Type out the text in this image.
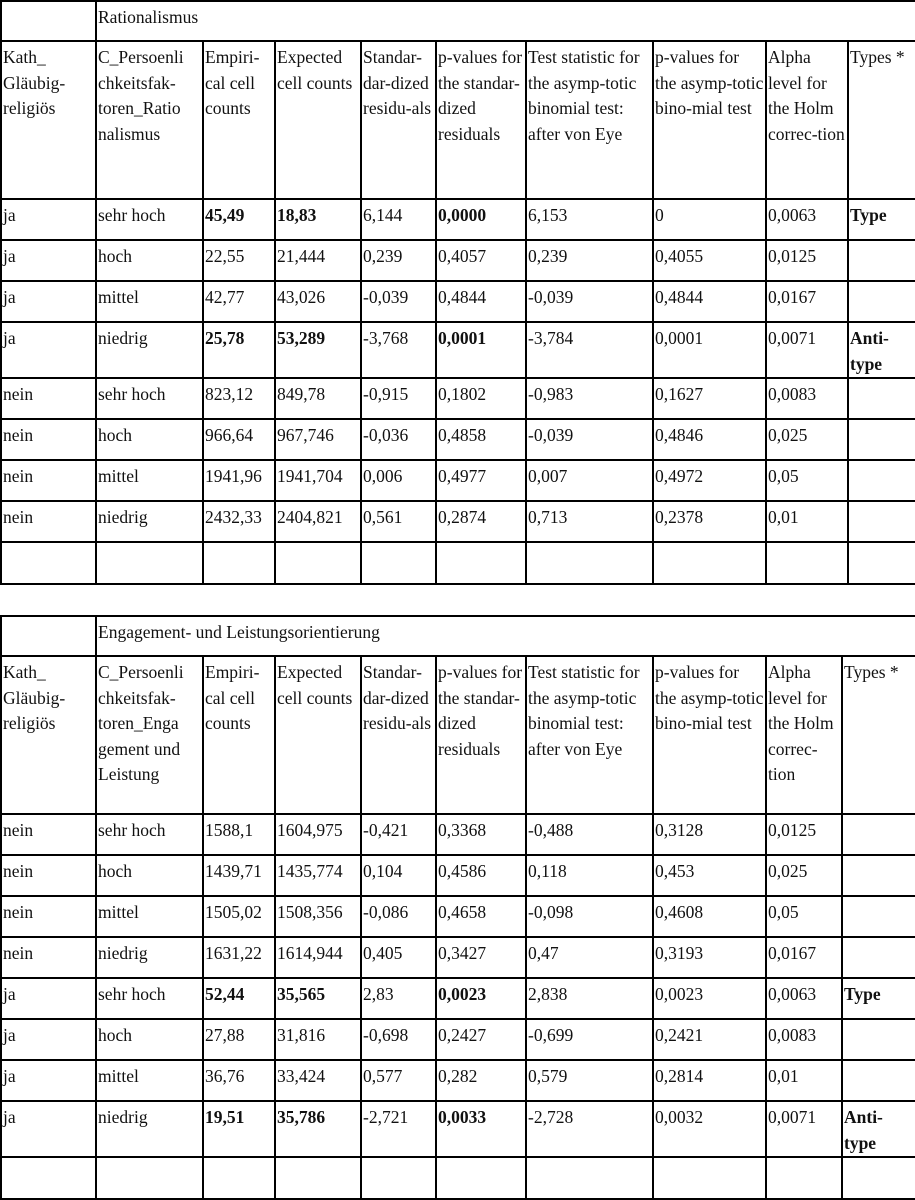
	Rationalismus								
Kath_ Gläubig-religiös	C_Persoenli chkeitsfak-toren_Ratio nalismus	Empiri-cal cell counts	Expected cell counts	Standar-dar-dized residu-als	p-values for the standar-dized residuals	Test statistic for the asymp-totic binomial test: after von Eye	p-values for the asymp-totic bino-mial test	Alpha level for the Holm correc-tion	Types *
ja	sehr hoch	45,49	18,83	6,144	0,0000	6,153	0	0,0063	Type
ja	hoch	22,55	21,444	0,239	0,4057	0,239	0,4055	0,0125	
ja	mittel	42,77	43,026	-0,039	0,4844	-0,039	0,4844	0,0167	
ja	niedrig	25,78	53,289	-3,768	0,0001	-3,784	0,0001	0,0071	Anti-type
nein	sehr hoch	823,12	849,78	-0,915	0,1802	-0,983	0,1627	0,0083	
nein	hoch	966,64	967,746	-0,036	0,4858	-0,039	0,4846	0,025	
nein	mittel	1941,96	1941,704	0,006	0,4977	0,007	0,4972	0,05	
nein	niedrig	2432,33	2404,821	0,561	0,2874	0,713	0,2378	0,01	

	Engagement- und Leistungsorientierung								
Kath_ Gläubig-religiös	C_Persoenli chkeitsfak-toren_Enga gement und Leistung	Empiri-cal cell counts	Expected cell counts	Standar-dar-dized residu-als	p-values for the standar-dized residuals	Test statistic for the asymp-totic binomial test: after von Eye	p-values for the asymp-totic bino-mial test	Alpha level for the Holm correc-tion	Types *
nein	sehr hoch	1588,1	1604,975	-0,421	0,3368	-0,488	0,3128	0,0125	
nein	hoch	1439,71	1435,774	0,104	0,4586	0,118	0,453	0,025	
nein	mittel	1505,02	1508,356	-0,086	0,4658	-0,098	0,4608	0,05	
nein	niedrig	1631,22	1614,944	0,405	0,3427	0,47	0,3193	0,0167	
ja	sehr hoch	52,44	35,565	2,83	0,0023	2,838	0,0023	0,0063	Type
ja	hoch	27,88	31,816	-0,698	0,2427	-0,699	0,2421	0,0083	
ja	mittel	36,76	33,424	0,577	0,282	0,579	0,2814	0,01	
ja	niedrig	19,51	35,786	-2,721	0,0033	-2,728	0,0032	0,0071	Anti-type
